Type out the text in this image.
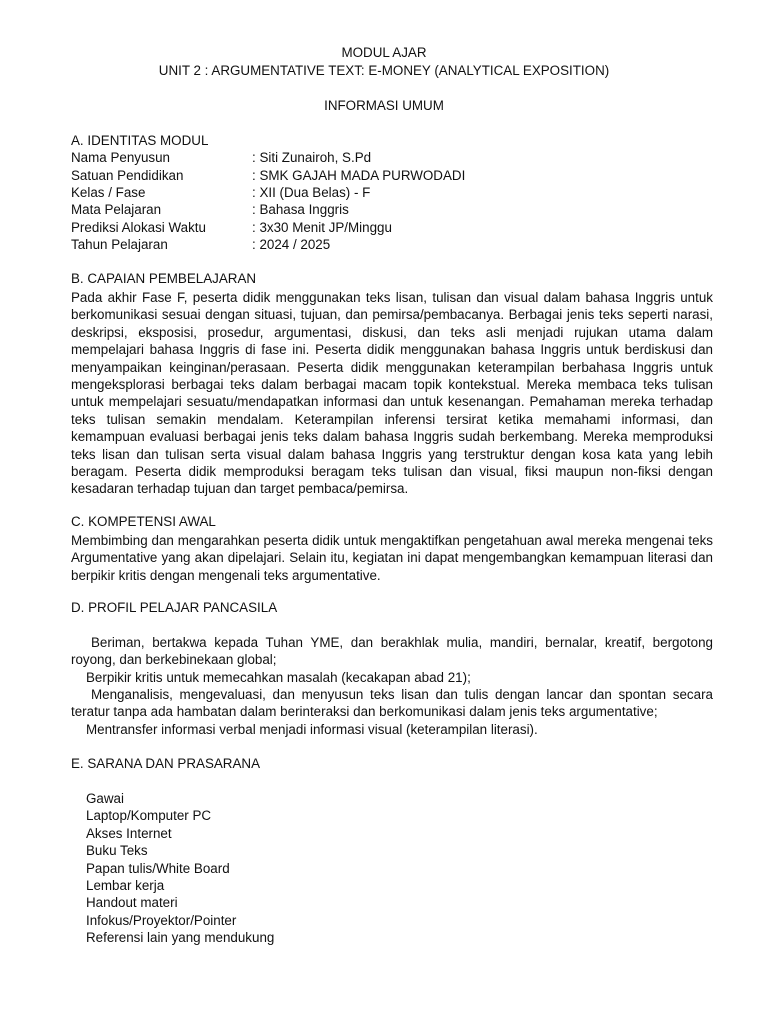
MODUL AJAR
UNIT 2 : ARGUMENTATIVE TEXT: E-MONEY (ANALYTICAL EXPOSITION)
INFORMASI UMUM
A. IDENTITAS MODUL
Nama Penyusun	: Siti Zunairoh, S.Pd
Satuan Pendidikan	: SMK GAJAH MADA PURWODADI
Kelas / Fase	: XII (Dua Belas) - F
Mata Pelajaran	: Bahasa Inggris
Prediksi Alokasi Waktu	: 3x30 Menit JP/Minggu
Tahun Pelajaran	: 2024 / 2025
B. CAPAIAN PEMBELAJARAN
Pada akhir Fase F, peserta didik menggunakan teks lisan, tulisan dan visual dalam bahasa Inggris untuk berkomunikasi sesuai dengan situasi, tujuan, dan pemirsa/pembacanya. Berbagai jenis teks seperti narasi, deskripsi, eksposisi, prosedur, argumentasi, diskusi, dan teks asli menjadi rujukan utama dalam mempelajari bahasa Inggris di fase ini. Peserta didik menggunakan bahasa Inggris untuk berdiskusi dan menyampaikan keinginan/perasaan. Peserta didik menggunakan keterampilan berbahasa Inggris untuk mengeksplorasi berbagai teks dalam berbagai macam topik kontekstual. Mereka membaca teks tulisan untuk mempelajari sesuatu/mendapatkan informasi dan untuk kesenangan. Pemahaman mereka terhadap teks tulisan semakin mendalam. Keterampilan inferensi tersirat ketika memahami informasi, dan kemampuan evaluasi berbagai jenis teks dalam bahasa Inggris sudah berkembang. Mereka memproduksi teks lisan dan tulisan serta visual dalam bahasa Inggris yang terstruktur dengan kosa kata yang lebih beragam. Peserta didik memproduksi beragam teks tulisan dan visual, fiksi maupun non-fiksi dengan kesadaran terhadap tujuan dan target pembaca/pemirsa.
C. KOMPETENSI AWAL
Membimbing dan mengarahkan peserta didik untuk mengaktifkan pengetahuan awal mereka mengenai teks Argumentative yang akan dipelajari. Selain itu, kegiatan ini dapat mengembangkan kemampuan literasi dan berpikir kritis dengan mengenali teks argumentative.
D. PROFIL PELAJAR PANCASILA
Beriman, bertakwa kepada Tuhan YME, dan berakhlak mulia, mandiri, bernalar, kreatif, bergotong royong, dan berkebinekaan global;
Berpikir kritis untuk memecahkan masalah (kecakapan abad 21);
Menganalisis, mengevaluasi, dan menyusun teks lisan dan tulis dengan lancar dan spontan secara teratur tanpa ada hambatan dalam berinteraksi dan berkomunikasi dalam jenis teks argumentative;
Mentransfer informasi verbal menjadi informasi visual (keterampilan literasi).
E. SARANA DAN PRASARANA
Gawai
Laptop/Komputer PC
Akses Internet
Buku Teks
Papan tulis/White Board
Lembar kerja
Handout materi
Infokus/Proyektor/Pointer
Referensi lain yang mendukung
